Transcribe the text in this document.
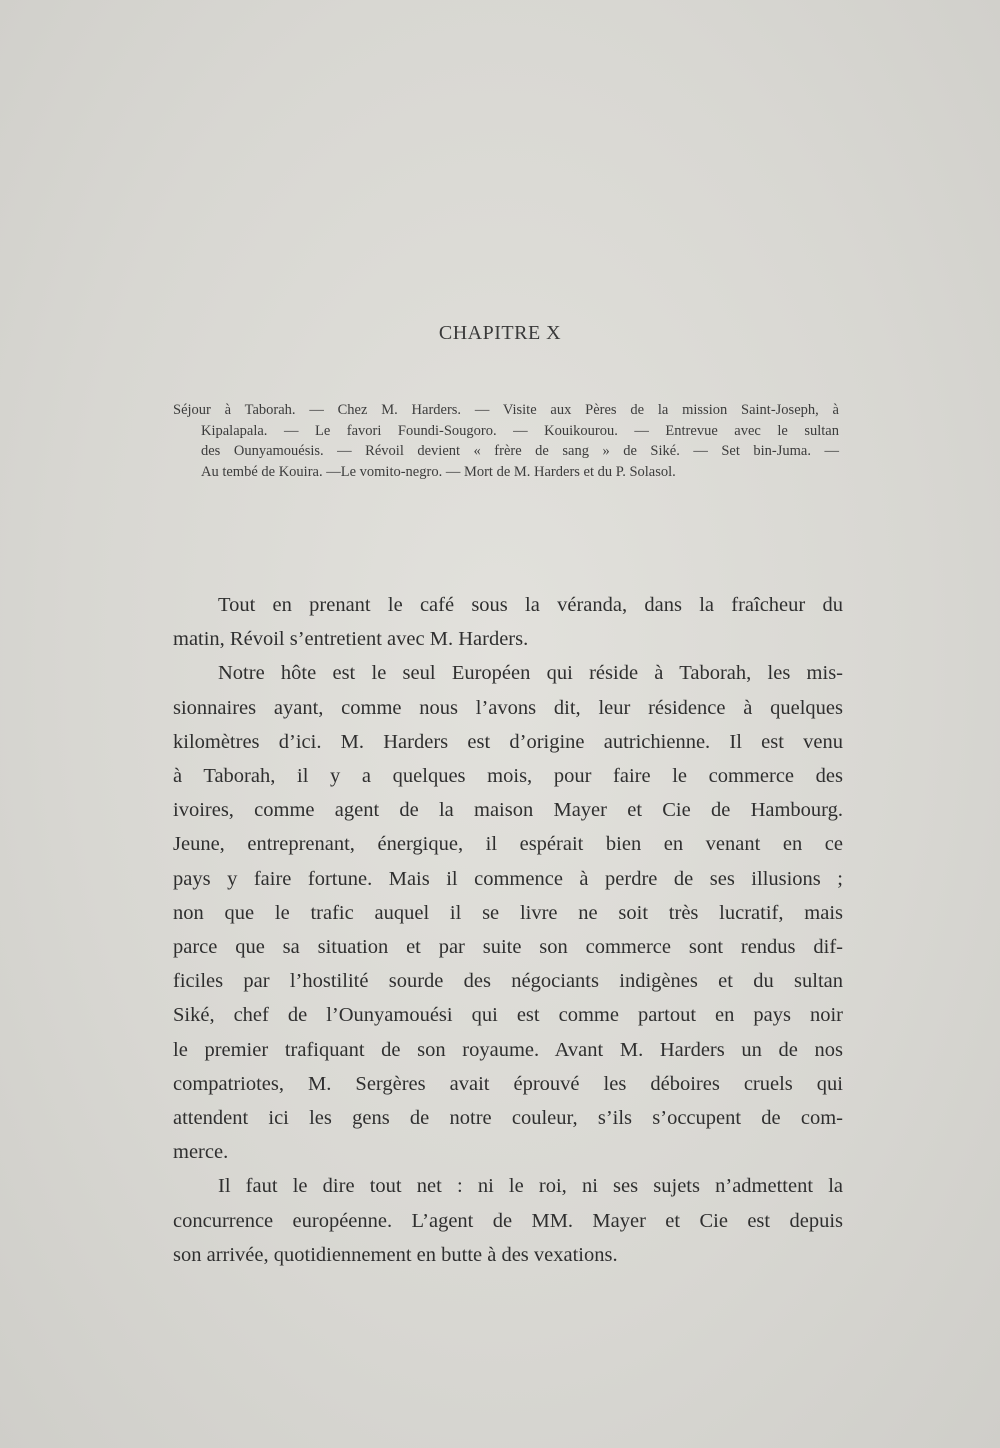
CHAPITRE X
Séjour à Taborah. — Chez M. Harders. — Visite aux Pères de la mission Saint-Joseph, à
Kipalapala. — Le favori Foundi-Sougoro. — Kouikourou. — Entrevue avec le sultan
des Ounyamouésis. — Révoil devient « frère de sang » de Siké. — Set bin-Juma. —
Au tembé de Kouira. —Le vomito-negro. — Mort de M. Harders et du P. Solasol.
Tout en prenant le café sous la véranda, dans la fraîcheur du
matin, Révoil s’entretient avec M. Harders.
Notre hôte est le seul Européen qui réside à Taborah, les mis-
sionnaires ayant, comme nous l’avons dit, leur résidence à quelques
kilomètres d’ici. M. Harders est d’origine autrichienne. Il est venu
à Taborah, il y a quelques mois, pour faire le commerce des
ivoires, comme agent de la maison Mayer et Cie de Hambourg.
Jeune, entreprenant, énergique, il espérait bien en venant en ce
pays y faire fortune. Mais il commence à perdre de ses illusions ;
non que le trafic auquel il se livre ne soit très lucratif, mais
parce que sa situation et par suite son commerce sont rendus dif-
ficiles par l’hostilité sourde des négociants indigènes et du sultan
Siké, chef de l’Ounyamouési qui est comme partout en pays noir
le premier trafiquant de son royaume. Avant M. Harders un de nos
compatriotes, M. Sergères avait éprouvé les déboires cruels qui
attendent ici les gens de notre couleur, s’ils s’occupent de com-
merce.
Il faut le dire tout net : ni le roi, ni ses sujets n’admettent la
concurrence européenne. L’agent de MM. Mayer et Cie est depuis
son arrivée, quotidiennement en butte à des vexations.
